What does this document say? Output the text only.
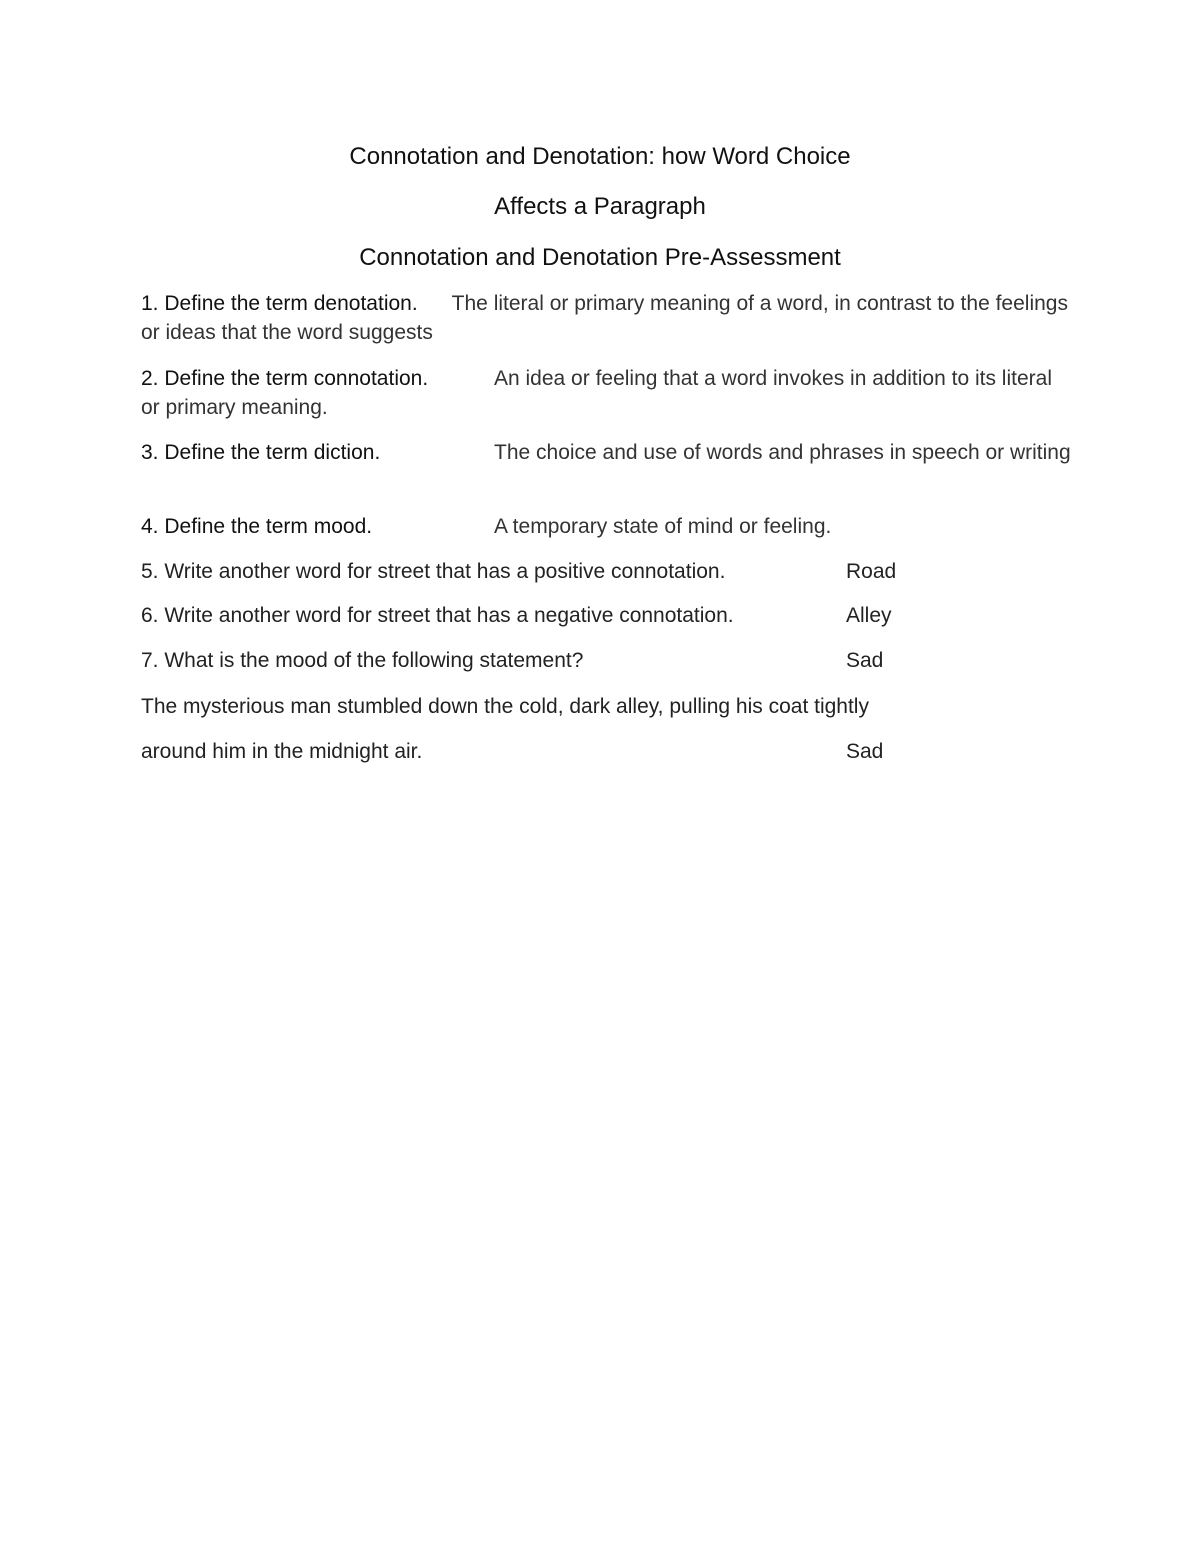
Connotation and Denotation: how Word Choice
Affects a Paragraph
Connotation and Denotation Pre-Assessment
1. Define the term denotation. The literal or primary meaning of a word, in contrast to the feelings or ideas that the word suggests
2. Define the term connotation.	An idea or feeling that a word invokes in addition to its literal or primary meaning.
3. Define the term diction.	The choice and use of words and phrases in speech or writing
4. Define the term mood.	A temporary state of mind or feeling.
5. Write another word for street that has a positive connotation.	Road
6. Write another word for street that has a negative connotation.	Alley
7. What is the mood of the following statement?	Sad
The mysterious man stumbled down the cold, dark alley, pulling his coat tightly
around him in the midnight air.	Sad
